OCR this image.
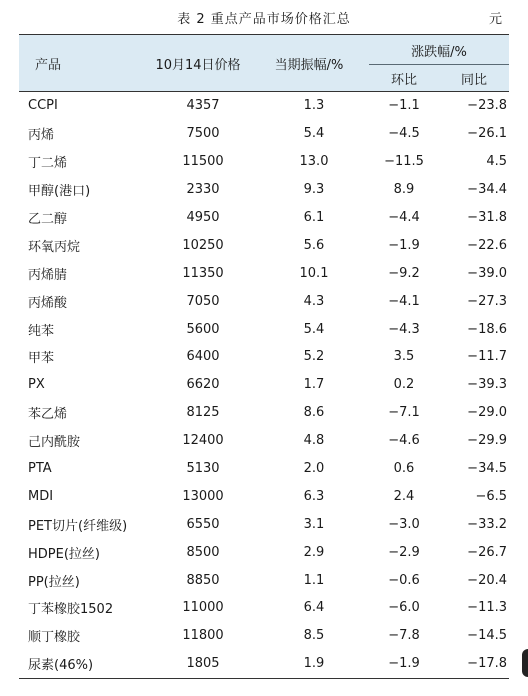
表 2 重点产品市场价格汇总	元
产品	10月14日价格	当期振幅/%	涨跌幅/%	
			环比	同比
CCPI	4357	1.3	−1.1	−23.8
丙烯	7500	5.4	−4.5	−26.1
丁二烯	11500	13.0	−11.5	4.5
甲醇(港口)	2330	9.3	8.9	−34.4
乙二醇	4950	6.1	−4.4	−31.8
环氧丙烷	10250	5.6	−1.9	−22.6
丙烯腈	11350	10.1	−9.2	−39.0
丙烯酸	7050	4.3	−4.1	−27.3
纯苯	5600	5.4	−4.3	−18.6
甲苯	6400	5.2	3.5	−11.7
PX	6620	1.7	0.2	−39.3
苯乙烯	8125	8.6	−7.1	−29.0
己内酰胺	12400	4.8	−4.6	−29.9
PTA	5130	2.0	0.6	−34.5
MDI	13000	6.3	2.4	−6.5
PET切片(纤维级)	6550	3.1	−3.0	−33.2
HDPE(拉丝)	8500	2.9	−2.9	−26.7
PP(拉丝)	8850	1.1	−0.6	−20.4
丁苯橡胶1502	11000	6.4	−6.0	−11.3
顺丁橡胶	11800	8.5	−7.8	−14.5
尿素(46%)	1805	1.9	−1.9	−17.8
